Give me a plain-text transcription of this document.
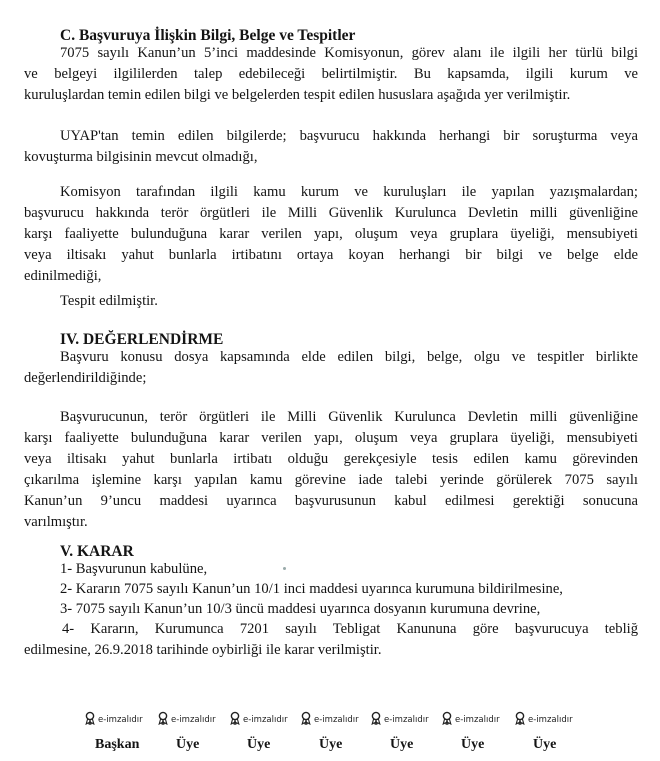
C. Başvuruya İlişkin Bilgi, Belge ve Tespitler
7075 sayılı Kanun’un 5’inci maddesinde Komisyonun, görev alanı ile ilgili her türlü bilgi
ve belgeyi ilgililerden talep edebileceği belirtilmiştir. Bu kapsamda, ilgili kurum ve
kuruluşlardan temin edilen bilgi ve belgelerden tespit edilen hususlara aşağıda yer verilmiştir.
UYAP'tan temin edilen bilgilerde; başvurucu hakkında herhangi bir soruşturma veya
kovuşturma bilgisinin mevcut olmadığı,
Komisyon tarafından ilgili kamu kurum ve kuruluşları ile yapılan yazışmalardan;
başvurucu hakkında terör örgütleri ile Milli Güvenlik Kurulunca Devletin milli güvenliğine
karşı faaliyette bulunduğuna karar verilen yapı, oluşum veya gruplara üyeliği, mensubiyeti
veya iltisakı yahut bunlarla irtibatını ortaya koyan herhangi bir bilgi ve belge elde
edinilmediği,
Tespit edilmiştir.
IV. DEĞERLENDİRME
Başvuru konusu dosya kapsamında elde edilen bilgi, belge, olgu ve tespitler birlikte
değerlendirildiğinde;
Başvurucunun, terör örgütleri ile Milli Güvenlik Kurulunca Devletin milli güvenliğine
karşı faaliyette bulunduğuna karar verilen yapı, oluşum veya gruplara üyeliği, mensubiyeti
veya iltisakı yahut bunlarla irtibatı olduğu gerekçesiyle tesis edilen kamu görevinden
çıkarılma işlemine karşı yapılan kamu görevine iade talebi yerinde görülerek 7075 sayılı
Kanun’un 9’uncu maddesi uyarınca başvurusunun kabul edilmesi gerektiği sonucuna
varılmıştır.
V. KARAR
1- Başvurunun kabulüne,
2- Kararın 7075 sayılı Kanun’un 10/1 inci maddesi uyarınca kurumuna bildirilmesine,
3- 7075 sayılı Kanun’un 10/3 üncü maddesi uyarınca dosyanın kurumuna devrine,
4- Kararın, Kurumunca 7201 sayılı Tebligat Kanununa göre başvurucuya tebliğ
edilmesine, 26.9.2018 tarihinde oybirliği ile karar verilmiştir.
e-imzalıdır	e-imzalıdır	e-imzalıdır	e-imzalıdır	e-imzalıdır	e-imzalıdır	e-imzalıdır
Başkan	Üye	Üye	Üye	Üye	Üye	Üye
